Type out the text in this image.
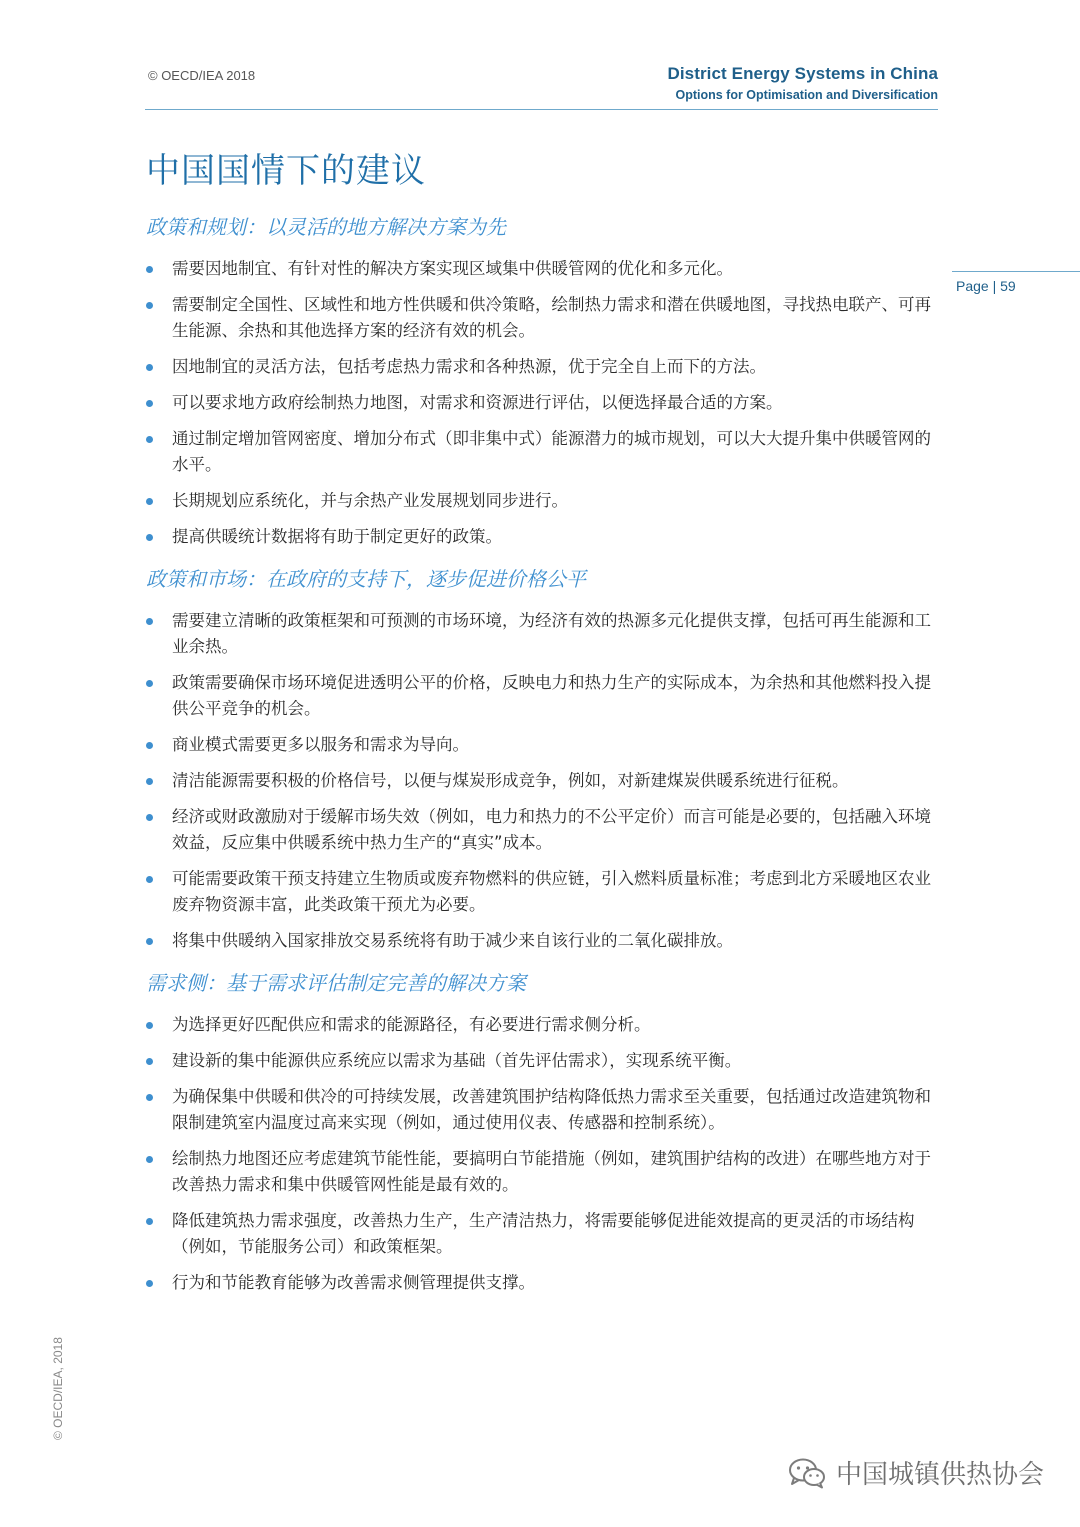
© OECD/IEA 2018	District Energy Systems in China
Options for Optimisation and Diversification
Page | 59
中国国情下的建议
政策和规划：以灵活的地方解决方案为先
需要因地制宜、有针对性的解决方案实现区域集中供暖管网的优化和多元化。
需要制定全国性、区域性和地方性供暖和供冷策略，绘制热力需求和潜在供暖地图，寻找热电联产、可再生能源、余热和其他选择方案的经济有效的机会。
因地制宜的灵活方法，包括考虑热力需求和各种热源，优于完全自上而下的方法。
可以要求地方政府绘制热力地图，对需求和资源进行评估，以便选择最合适的方案。
通过制定增加管网密度、增加分布式（即非集中式）能源潜力的城市规划，可以大大提升集中供暖管网的水平。
长期规划应系统化，并与余热产业发展规划同步进行。
提高供暖统计数据将有助于制定更好的政策。
政策和市场：在政府的支持下，逐步促进价格公平
需要建立清晰的政策框架和可预测的市场环境，为经济有效的热源多元化提供支撑，包括可再生能源和工业余热。
政策需要确保市场环境促进透明公平的价格，反映电力和热力生产的实际成本，为余热和其他燃料投入提供公平竞争的机会。
商业模式需要更多以服务和需求为导向。
清洁能源需要积极的价格信号，以便与煤炭形成竞争，例如，对新建煤炭供暖系统进行征税。
经济或财政激励对于缓解市场失效（例如，电力和热力的不公平定价）而言可能是必要的，包括融入环境效益，反应集中供暖系统中热力生产的“真实”成本。
可能需要政策干预支持建立生物质或废弃物燃料的供应链，引入燃料质量标准；考虑到北方采暖地区农业废弃物资源丰富，此类政策干预尤为必要。
将集中供暖纳入国家排放交易系统将有助于减少来自该行业的二氧化碳排放。
需求侧：基于需求评估制定完善的解决方案
为选择更好匹配供应和需求的能源路径，有必要进行需求侧分析。
建设新的集中能源供应系统应以需求为基础（首先评估需求），实现系统平衡。
为确保集中供暖和供冷的可持续发展，改善建筑围护结构降低热力需求至关重要，包括通过改造建筑物和限制建筑室内温度过高来实现（例如，通过使用仪表、传感器和控制系统）。
绘制热力地图还应考虑建筑节能性能，要搞明白节能措施（例如，建筑围护结构的改进）在哪些地方对于改善热力需求和集中供暖管网性能是最有效的。
降低建筑热力需求强度，改善热力生产，生产清洁热力，将需要能够促进能效提高的更灵活的市场结构（例如，节能服务公司）和政策框架。
行为和节能教育能够为改善需求侧管理提供支撑。
© OECD/IEA, 2018
中国城镇供热协会
